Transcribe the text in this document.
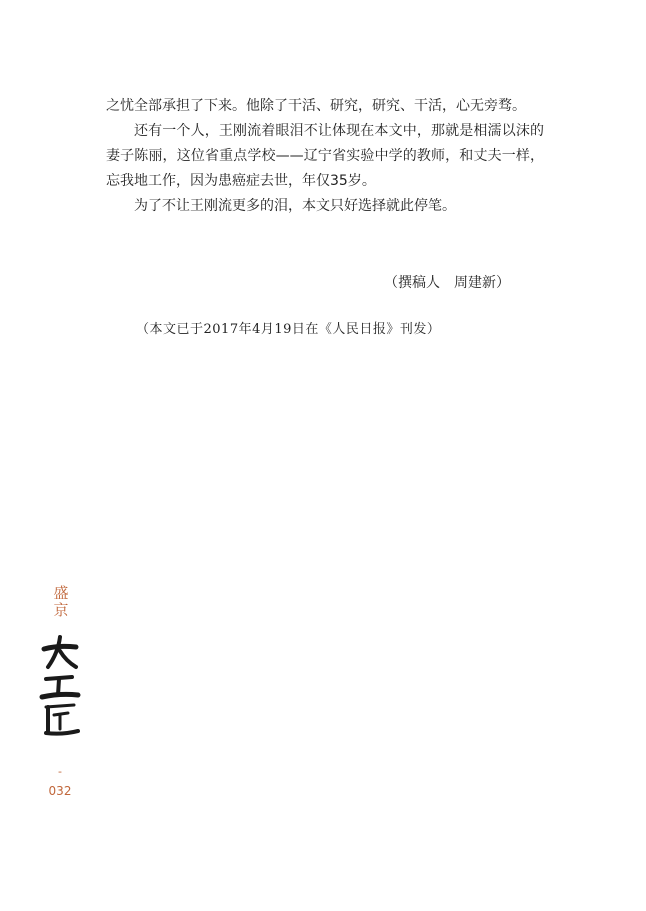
之忧全部承担了下来。他除了干活、研究，研究、干活，心无旁骛。

还有一个人，王刚流着眼泪不让体现在本文中，那就是相濡以沫的妻子陈丽，这位省重点学校——辽宁省实验中学的教师，和丈夫一样，忘我地工作，因为患癌症去世，年仅35岁。

为了不让王刚流更多的泪，本文只好选择就此停笔。

（撰稿人　周建新）
（本文已于2017年4月19日在《人民日报》刊发）
盛京
-
032
